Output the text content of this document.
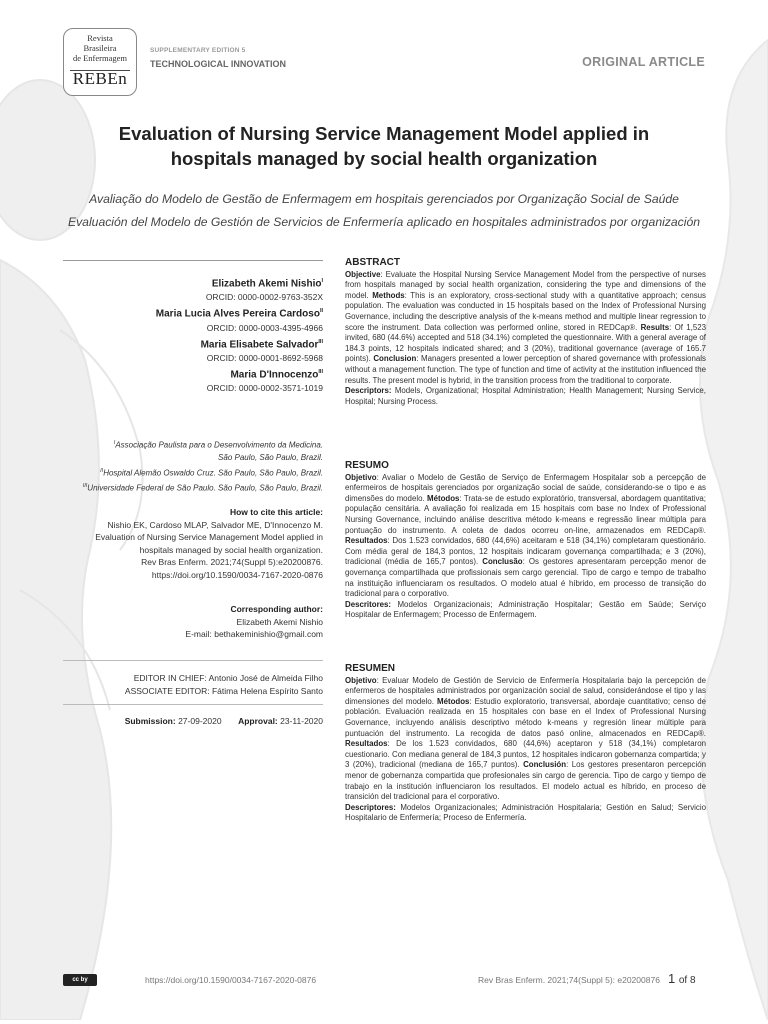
Revista
Brasileira
de Enfermagem
REBEn
SUPPLEMENTARY EDITION 5
TECHNOLOGICAL INNOVATION	ORIGINAL ARTICLE
Evaluation of Nursing Service Management Model applied in
hospitals managed by social health organization
Avaliação do Modelo de Gestão de Enfermagem em hospitais gerenciados por Organização Social de Saúde
Evaluación del Modelo de Gestión de Servicios de Enfermería aplicado en hospitales administrados por organización
Elizabeth Akemi Nishio$^I$
ORCID: 0000-0002-9763-352X
Maria Lucia Alves Pereira Cardoso$^{II}$
ORCID: 0000-0003-4395-4966
Maria Elisabete Salvador$^{III}$
ORCID: 0000-0001-8692-5968
Maria D'Innocenzo$^{III}$
ORCID: 0000-0002-3571-1019
$^I$Associação Paulista para o Desenvolvimento da Medicina.
São Paulo, São Paulo, Brazil.
$^{II}$Hospital Alemão Oswaldo Cruz. São Paulo, São Paulo, Brazil.
$^{III}$Universidade Federal de São Paulo. São Paulo, São Paulo, Brazil.
How to cite this article:
Nishio EK, Cardoso MLAP, Salvador ME, D'Innocenzo M.
Evaluation of Nursing Service Management Model applied in
hospitals managed by social health organization.
Rev Bras Enferm. 2021;74(Suppl 5):e20200876.
https://doi.org/10.1590/0034-7167-2020-0876
Corresponding author:
Elizabeth Akemi Nishio
E-mail: bethakeminishio@gmail.com
EDITOR IN CHIEF: Antonio José de Almeida Filho
ASSOCIATE EDITOR: Fátima Helena Espírito Santo
Submission: 27-09-2020 Approval: 23-11-2020
ABSTRACT

Objective: Evaluate the Hospital Nursing Service Management Model from the perspective of nurses from hospitals managed by social health organization, considering the type and dimensions of the model. Methods: This is an exploratory, cross-sectional study with a quantitative approach; census population. The evaluation was conducted in 15 hospitals based on the Index of Professional Nursing Governance, including the descriptive analysis of the k-means method and multiple linear regression to score the instrument. Data collection was performed online, stored in REDCap®. Results: Of 1,523 invited, 680 (44.6%) accepted and 518 (34.1%) completed the questionnaire. With a general average of 184.3 points, 12 hospitals indicated shared; and 3 (20%), traditional governance (average of 165.7 points). Conclusion: Managers presented a lower perception of shared governance with professionals without a management function. The type of function and time of activity at the institution influenced the results. The present model is hybrid, in the transition process from the traditional to corporate.

Descriptors: Models, Organizational; Hospital Administration; Health Management; Nursing Service, Hospital; Nursing Process.

RESUMO

Objetivo: Avaliar o Modelo de Gestão de Serviço de Enfermagem Hospitalar sob a percepção de enfermeiros de hospitais gerenciados por organização social de saúde, considerando-se o tipo e as dimensões do modelo. Métodos: Trata-se de estudo exploratório, transversal, abordagem quantitativa; população censitária. A avaliação foi realizada em 15 hospitais com base no Index of Professional Nursing Governance, incluindo análise descritiva método k-means e regressão linear múltipla para pontuação do instrumento. A coleta de dados ocorreu on-line, armazenados em REDCap®. Resultados: Dos 1.523 convidados, 680 (44,6%) aceitaram e 518 (34,1%) completaram questionário. Com média geral de 184,3 pontos, 12 hospitais indicaram governança compartilhada; e 3 (20%), tradicional (média de 165,7 pontos). Conclusão: Os gestores apresentaram percepção menor de governança compartilhada que profissionais sem cargo gerencial. Tipo de cargo e tempo de trabalho na instituição influenciaram os resultados. O modelo atual é híbrido, em processo de transição do tradicional para o corporativo.

Descritores: Modelos Organizacionais; Administração Hospitalar; Gestão em Saúde; Serviço Hospitalar de Enfermagem; Processo de Enfermagem.

RESUMEN

Objetivo: Evaluar Modelo de Gestión de Servicio de Enfermería Hospitalaria bajo la percepción de enfermeros de hospitales administrados por organización social de salud, considerándose el tipo y las dimensiones del modelo. Métodos: Estudio exploratorio, transversal, abordaje cuantitativo; censo de población. Evaluación realizada en 15 hospitales con base en el Index of Professional Nursing Governance, incluyendo análisis descriptivo método k-means y regresión linear múltiple para puntuación del instrumento. La recogida de datos pasó online, almacenados en REDCap®. Resultados: De los 1.523 convidados, 680 (44,6%) aceptaron y 518 (34,1%) completaron cuestionario. Con mediana general de 184,3 puntos, 12 hospitales indicaron gobernanza compartida; y 3 (20%), tradicional (mediana de 165,7 puntos). Conclusión: Los gestores presentaron percepción menor de gobernanza compartida que profesionales sin cargo de gerencia. Tipo de cargo y tiempo de trabajo en la institución influenciaron los resultados. El modelo actual es híbrido, en proceso de transición del tradicional para el corporativo.

Descriptores: Modelos Organizacionales; Administración Hospitalaria; Gestión en Salud; Servicio Hospitalario de Enfermería; Proceso de Enfermería.

cc by	https://doi.org/10.1590/0034-7167-2020-0876	Rev Bras Enferm. 2021;74(Suppl 5): e20200876 1 of 8
